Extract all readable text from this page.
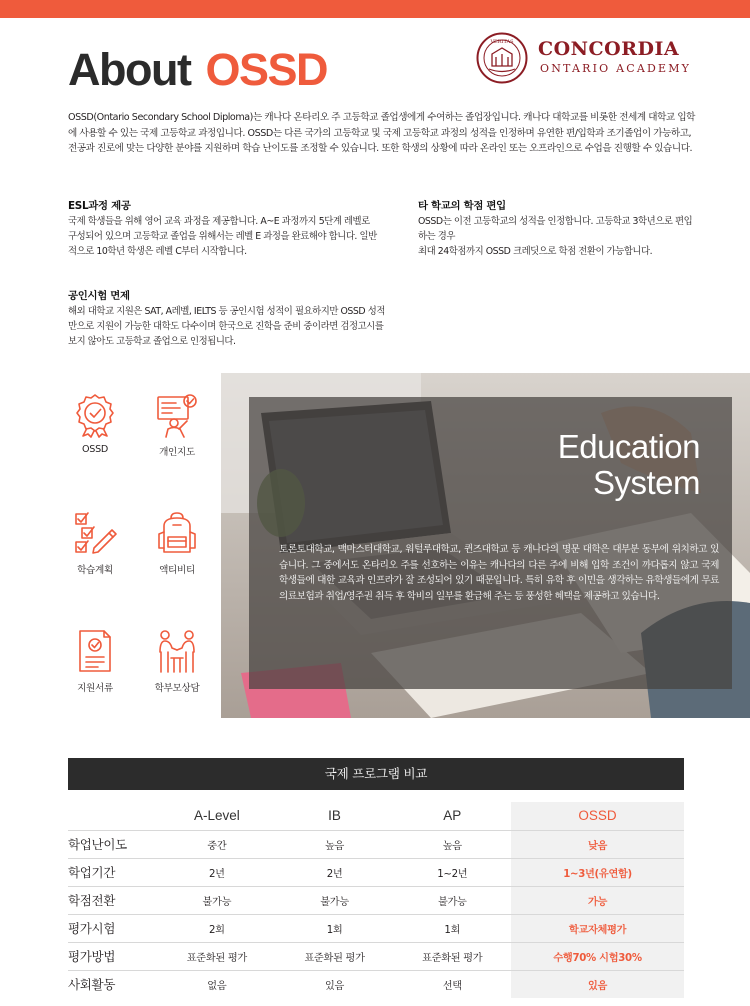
About OSSD
VERITAS CONCORDIA
ONTARIO ACADEMY

OSSD(Ontario Secondary School Diploma)는 캐나다 온타리오 주 고등학교 졸업생에게 수여하는 졸업장입니다. 캐나다 대학교를 비롯한 전세계 대학교 입학에 사용할 수 있는 국제 고등학교 과정입니다. OSSD는 다른 국가의 고등학교 및 국제 고등학교 과정의 성적을 인정하며 유연한 편/입학과 조기졸업이 가능하고, 전공과 진로에 맞는 다양한 분야를 지원하며 학습 난이도를 조정할 수 있습니다. 또한 학생의 상황에 따라 온라인 또는 오프라인으로 수업을 진행할 수 있습니다.

ESL과정 제공

국제 학생들을 위해 영어 교육 과정을 제공합니다. A~E 과정까지 5단계 레벨로 구성되어 있으며 고등학교 졸업을 위해서는 레벨 E 과정을 완료해야 합니다. 일반적으로 10학년 학생은 레벨 C부터 시작합니다.

공인시험 면제

해외 대학교 지원은 SAT, A레벨, IELTS 등 공인시험 성적이 필요하지만 OSSD 성적만으로 지원이 가능한 대학도 다수이며 한국으로 진학을 준비 중이라면 검정고시를 보지 않아도 고등학교 졸업으로 인정됩니다.

타 학교의 학점 편입

OSSD는 이전 고등학교의 성적을 인정합니다. 고등학교 3학년으로 편입하는 경우

최대 24학점까지 OSSD 크레딧으로 학점 전환이 가능합니다.

OSSD	개인지도
학습계획	액티비티
지원서류	학부모상담
Education
System

토론토대학교, 맥마스터대학교, 워털루대학교, 퀸즈대학교 등 캐나다의 명문 대학은 대부분 동부에 위치하고 있습니다. 그 중에서도 온타리오 주를 선호하는 이유는 캐나다의 다른 주에 비해 입학 조건이 까다롭지 않고 국제 학생들에 대한 교육과 인프라가 잘 조성되어 있기 때문입니다. 특히 유학 후 이민을 생각하는 유학생들에게 무료 의료보험과 취업/영주권 취득 후 학비의 일부를 환급해 주는 등 풍성한 혜택을 제공하고 있습니다.

국제 프로그램 비교
	A-Level	IB	AP	OSSD
학업난이도	중간	높음	높음	낮음
학업기간	2년	2년	1~2년	1~3년(유연함)
학점전환	불가능	불가능	불가능	가능
평가시험	2회	1회	1회	학교자체평가
평가방법	표준화된 평가	표준화된 평가	표준화된 평가	수행70% 시험30%
사회활동	없음	있음	선택	있음
